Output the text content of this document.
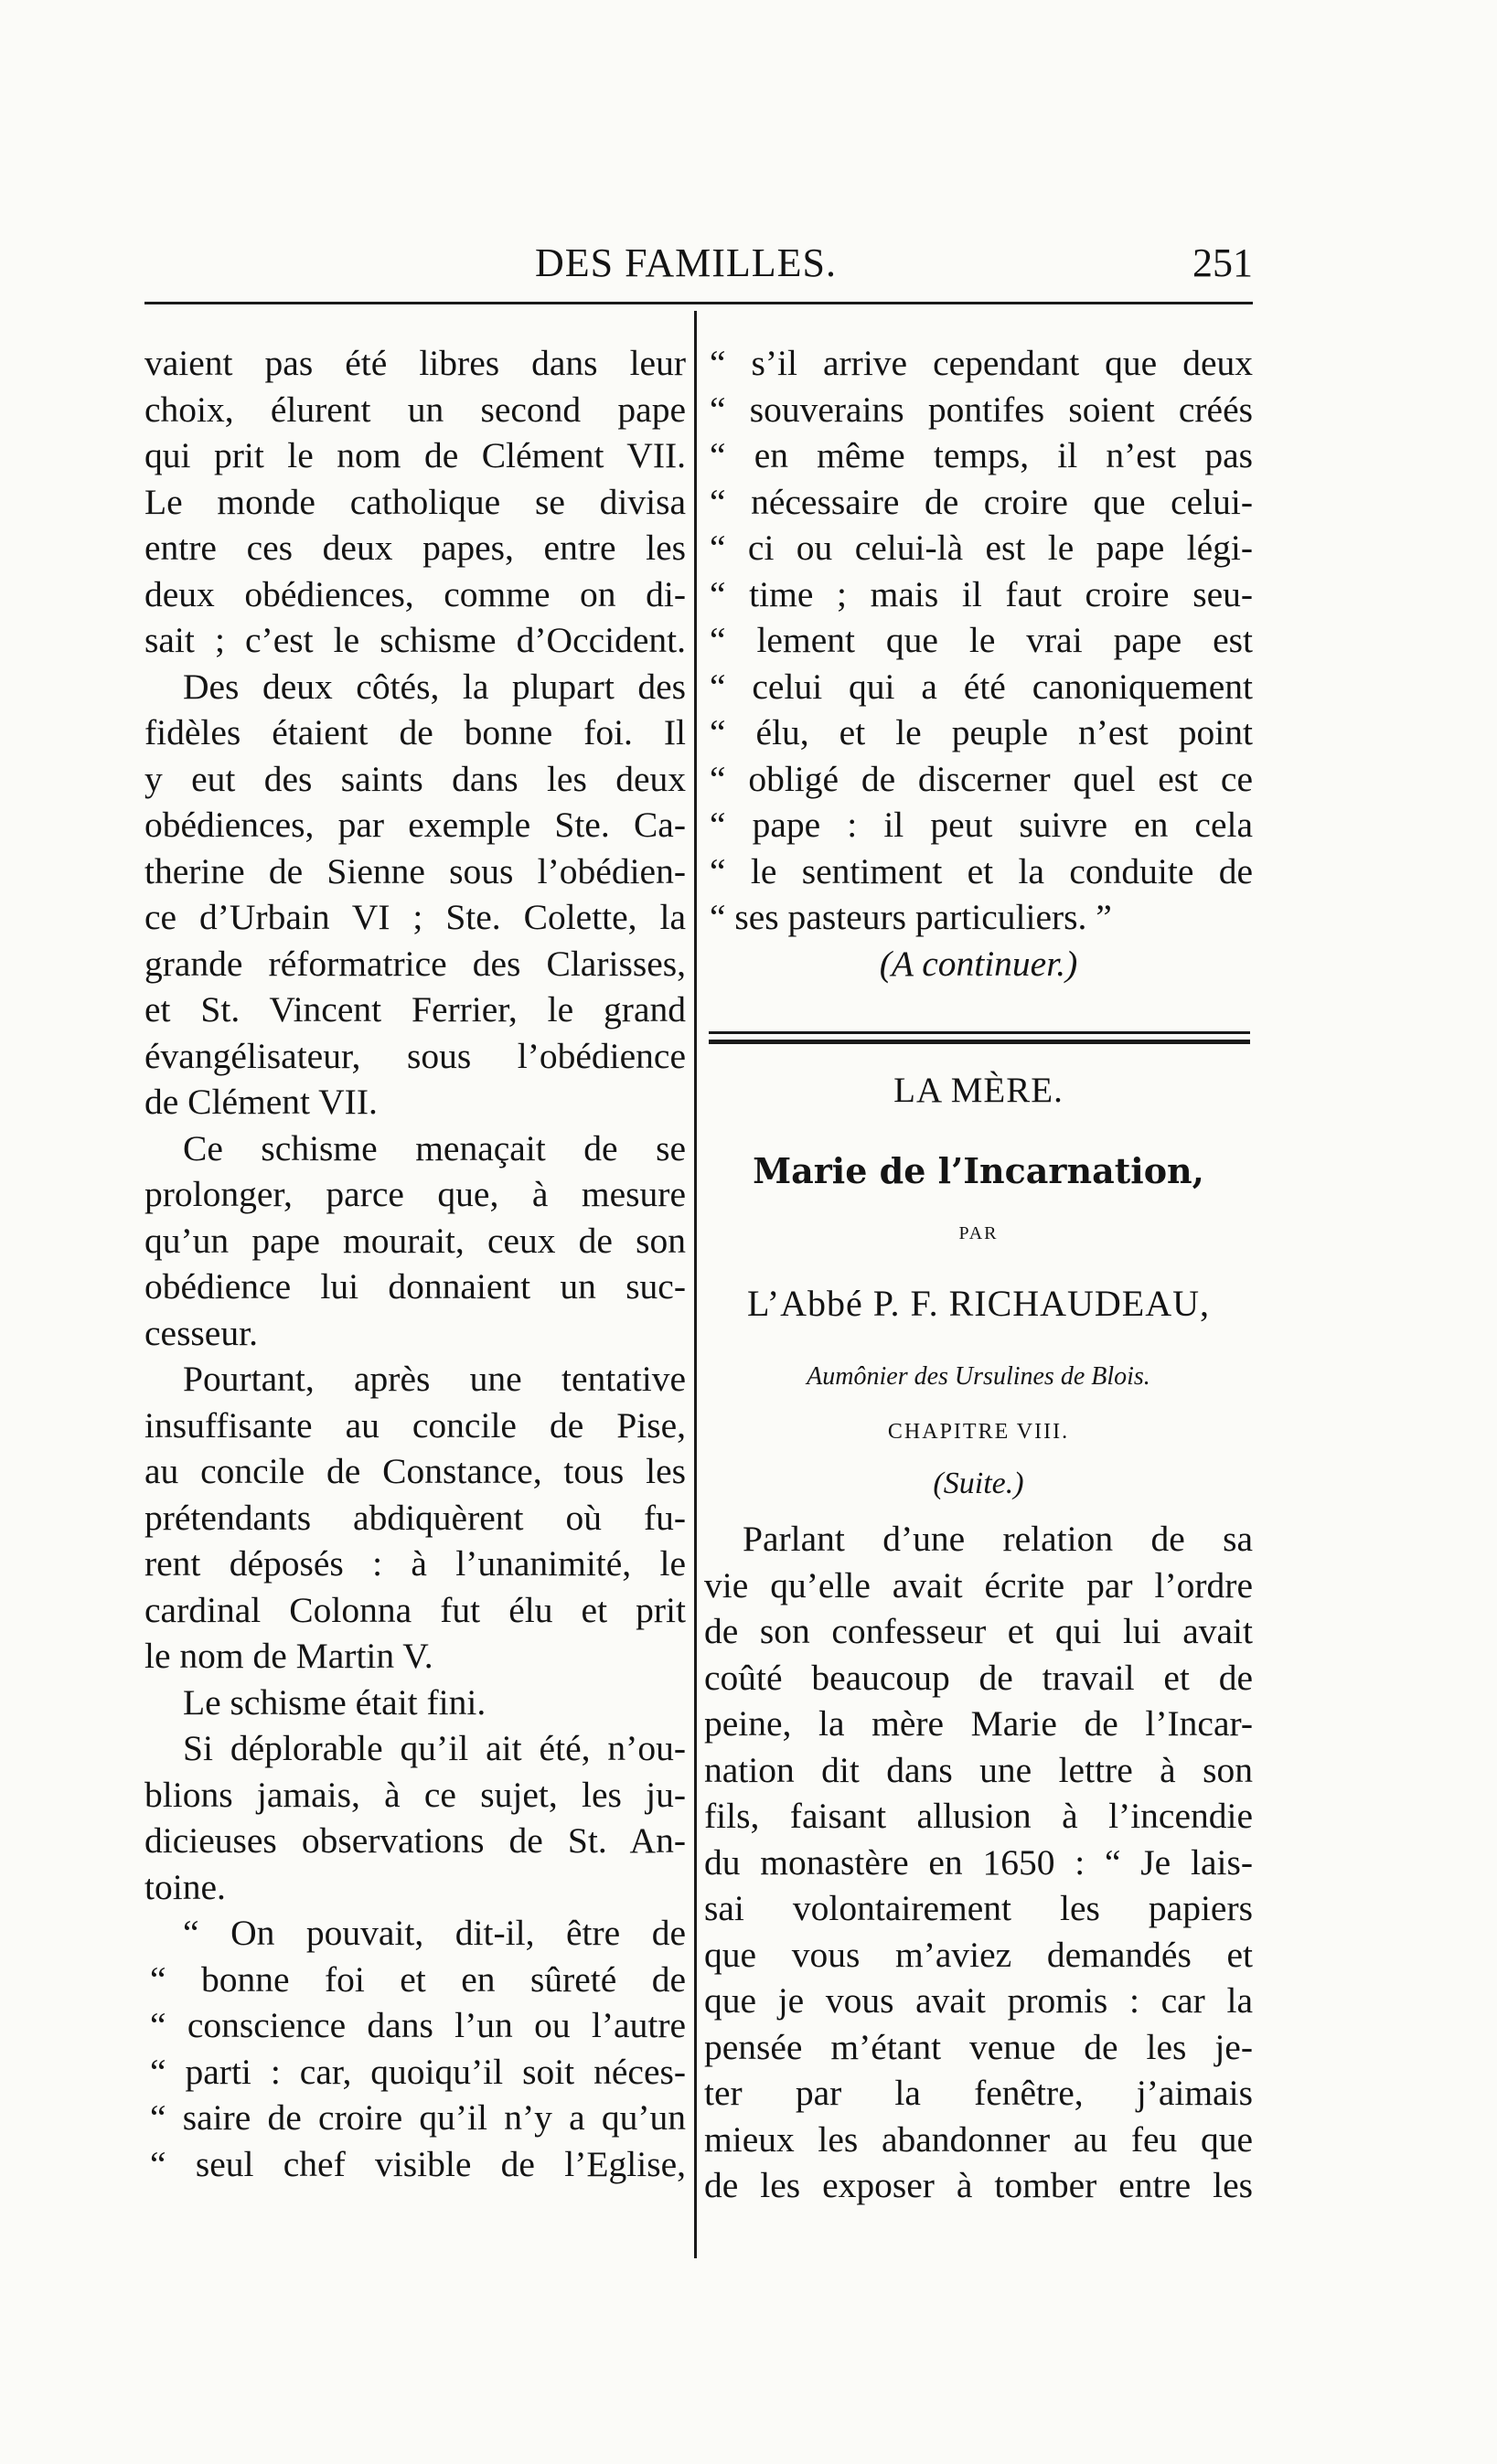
DES FAMILLES.	251
vaient pas été libres dans leur
choix, élurent un second pape
qui prit le nom de Clément VII.
Le monde catholique se divisa
entre ces deux papes, entre les
deux obédiences, comme on di-
sait ; c’est le schisme d’Occident.
Des deux côtés, la plupart des
fidèles étaient de bonne foi. Il
y eut des saints dans les deux
obédiences, par exemple Ste. Ca-
therine de Sienne sous l’obédien-
ce d’Urbain VI ; Ste. Colette, la
grande réformatrice des Clarisses,
et St. Vincent Ferrier, le grand
évangélisateur, sous l’obédience
de Clément VII.
Ce schisme menaçait de se
prolonger, parce que, à mesure
qu’un pape mourait, ceux de son
obédience lui donnaient un suc-
cesseur.
Pourtant, après une tentative
insuffisante au concile de Pise,
au concile de Constance, tous les
prétendants abdiquèrent où fu-
rent déposés : à l’unanimité, le
cardinal Colonna fut élu et prit
le nom de Martin V.
Le schisme était fini.
Si déplorable qu’il ait été, n’ou-
blions jamais, à ce sujet, les ju-
dicieuses observations de St. An-
toine.
“ On pouvait, dit-il, être de
“ bonne foi et en sûreté de
“ conscience dans l’un ou l’autre
“ parti : car, quoiqu’il soit néces-
“ saire de croire qu’il n’y a qu’un
“ seul chef visible de l’Eglise,
“ s’il arrive cependant que deux
“ souverains pontifes soient créés
“ en même temps, il n’est pas
“ nécessaire de croire que celui-
“ ci ou celui-là est le pape légi-
“ time ; mais il faut croire seu-
“ lement que le vrai pape est
“ celui qui a été canoniquement
“ élu, et le peuple n’est point
“ obligé de discerner quel est ce
“ pape : il peut suivre en cela
“ le sentiment et la conduite de
“ ses pasteurs particuliers. ”
(A continuer.)
LA MÈRE.
Marie de l’Incarnation,
PAR
L’Abbé P. F. RICHAUDEAU,
Aumônier des Ursulines de Blois.
CHAPITRE VIII.
(Suite.)
Parlant d’une relation de sa
vie qu’elle avait écrite par l’ordre
de son confesseur et qui lui avait
coûté beaucoup de travail et de
peine, la mère Marie de l’Incar-
nation dit dans une lettre à son
fils, faisant allusion à l’incendie
du monastère en 1650 : “ Je lais-
sai volontairement les papiers
que vous m’aviez demandés et
que je vous avait promis : car la
pensée m’étant venue de les je-
ter par la fenêtre, j’aimais
mieux les abandonner au feu que
de les exposer à tomber entre les
